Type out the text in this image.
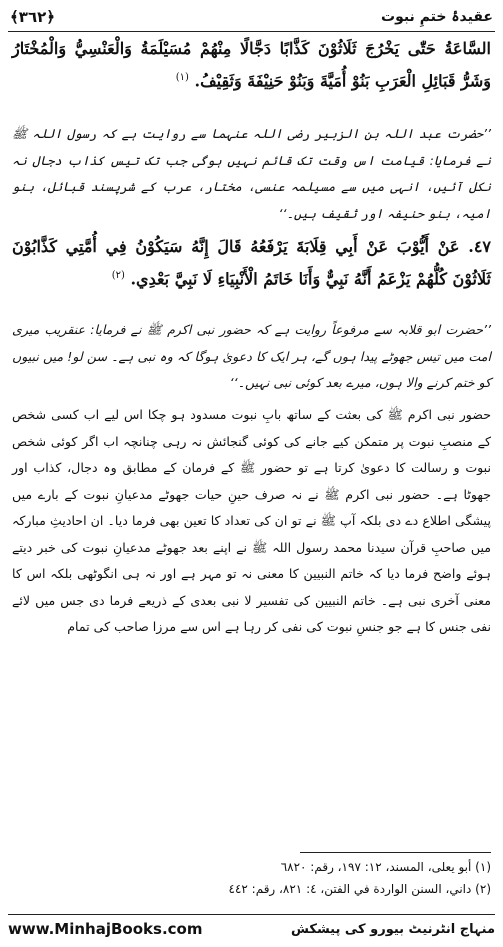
﴾٣٦٢﴿	عقیدۂ ختمِ نبوت
السَّاعَةُ حَتّٰى يَخْرُجَ ثَلَاثُوْنَ كَذَّابًا دَجَّالًا مِنْهُمْ مُسَيْلَمَةُ وَالْعَنْسِيُّ وَالْمُخْتَارُ وَشَرُّ قَبَائِلِ الْعَرَبِ بَنُوْ أُمَيَّةَ وَبَنُوْ حَنِيْفَةَ وَثَقِيْفُ. $^{(١)}$
’’حضرت عبد اللہ بن الزبیر رضی اللہ عنہما سے روایت ہے کہ رسول اللہ ﷺ نے فرمایا: قیامت اس وقت تک قائم نہیں ہوگی جب تک تیس کذاب دجال نہ نکل آئیں، انہی میں سے مسیلمہ عنسی، مختار، عرب کے شرپسند قبائل، بنو امیہ، بنو حنیفہ اور ثقیف ہیں۔‘‘
٤٧. عَنْ أَيُّوْبَ عَنْ أَبِي قِلَابَةَ يَرْفَعُهُ قَالَ إِنَّهُ سَيَكُوْنُ فِي أُمَّتِي كَذَّابُوْنَ ثَلَاثُوْنَ كُلُّهُمْ يَزْعَمُ أَنَّهُ نَبِيٌّ وَأَنَا خَاتَمُ الْأَنْبِيَاءِ لَا نَبِيَّ بَعْدِي. $^{(٢)}$
’’حضرت ابو قلابہ سے مرفوعاً روایت ہے کہ حضور نبی اکرم ﷺ نے فرمایا: عنقریب میری امت میں تیس جھوٹے پیدا ہوں گے، ہر ایک کا دعویٰ ہوگا کہ وہ نبی ہے۔ سن لو! میں نبیوں کو ختم کرنے والا ہوں، میرے بعد کوئی نبی نہیں۔‘‘
حضور نبی اکرم ﷺ کی بعثت کے ساتھ بابِ نبوت مسدود ہو چکا اس لیے اب کسی شخص کے منصبِ نبوت پر متمکن کیے جانے کی کوئی گنجائش نہ رہی چنانچہ اب اگر کوئی شخص نبوت و رسالت کا دعویٰ کرتا ہے تو حضور ﷺ کے فرمان کے مطابق وہ دجال، کذاب اور جھوٹا ہے۔ حضور نبی اکرم ﷺ نے نہ صرف حینِ حیات جھوٹے مدعیانِ نبوت کے بارے میں پیشگی اطلاع دے دی بلکہ آپ ﷺ نے تو ان کی تعداد کا تعین بھی فرما دیا۔ ان احادیثِ مبارکہ میں صاحبِ قرآن سیدنا محمد رسول اللہ ﷺ نے اپنے بعد جھوٹے مدعیانِ نبوت کی خبر دیتے ہوئے واضح فرما دیا کہ خاتم النبیین کا معنی نہ تو مہر ہے اور نہ ہی انگوٹھی بلکہ اس کا معنی آخری نبی ہے۔ خاتم النبیین کی تفسیر لا نبی بعدی کے ذریعے فرما دی جس میں لائے نفی جنس کا ہے جو جنسِ نبوت کی نفی کر رہا ہے اس سے مرزا صاحب کی تمام
(١) أبو يعلى، المسند، ١٢: ١٩٧، رقم: ٦٨٢٠
(٢) داني، السنن الواردة في الفتن، ٤: ٨٢١، رقم: ٤٤٢
www.MinhajBooks.com	منہاج انٹرنیٹ بیورو کی پیشکش
